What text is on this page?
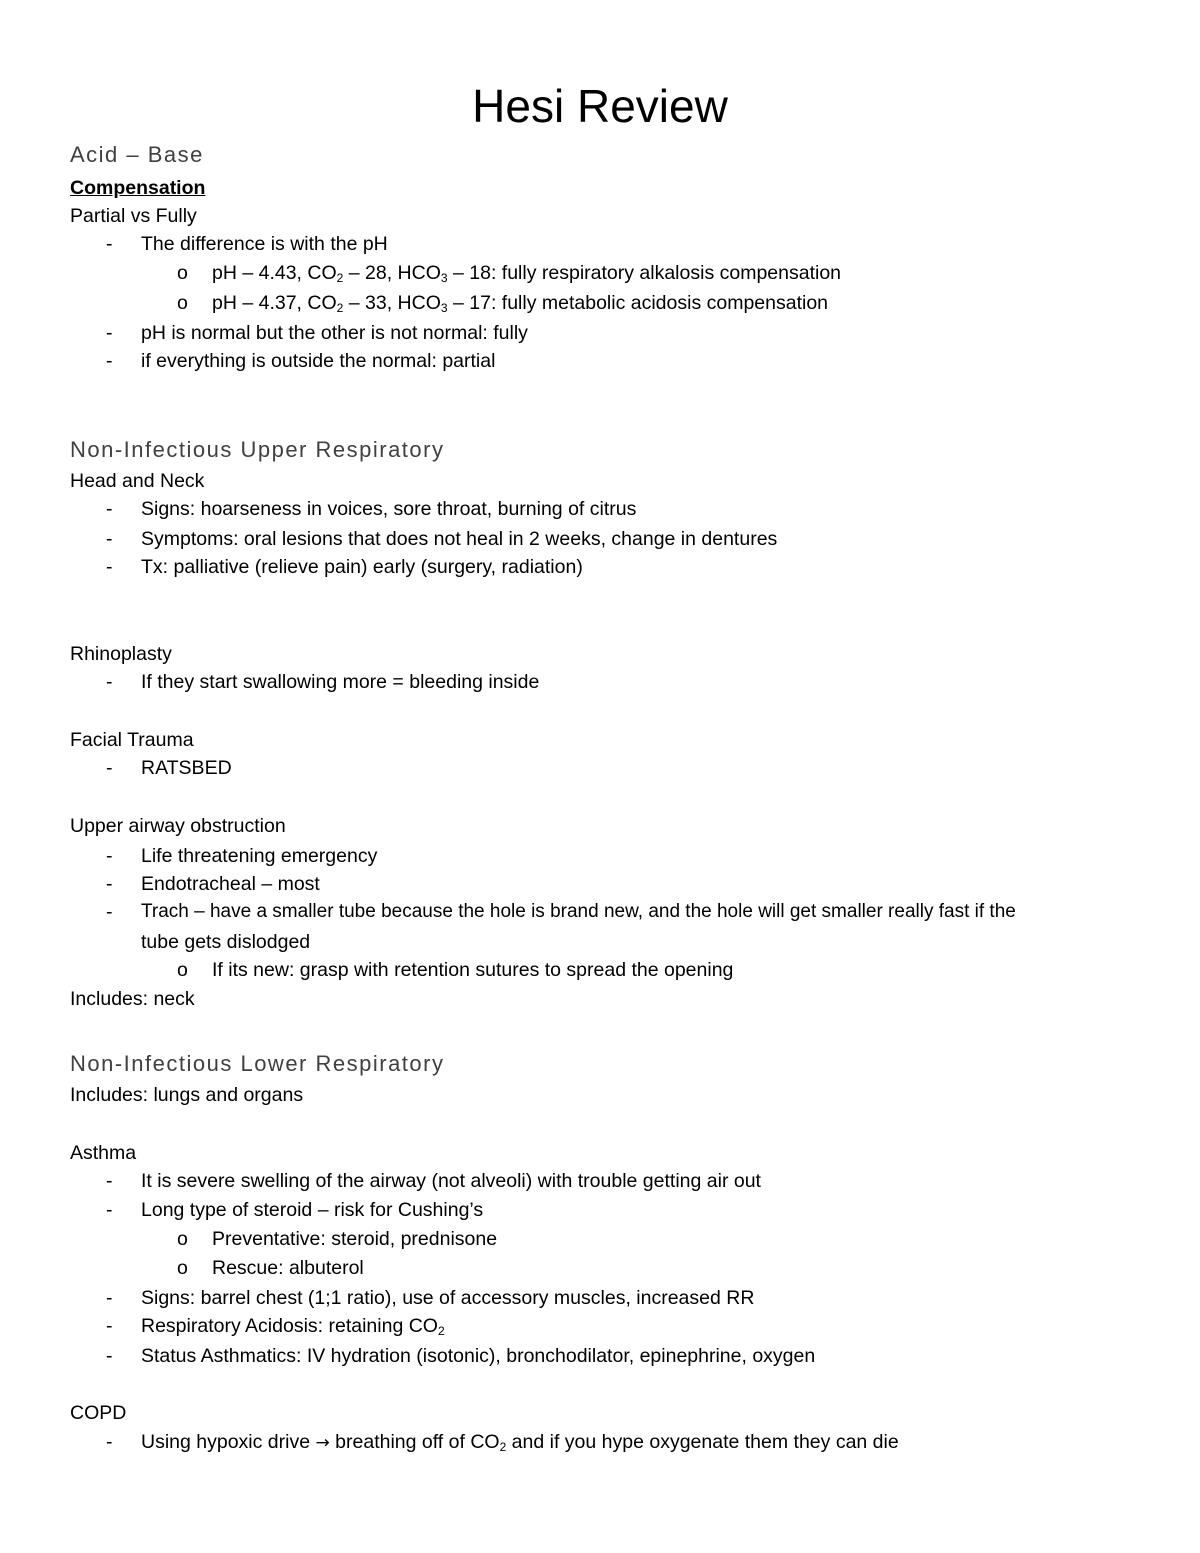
Hesi Review
Acid – Base
Compensation
Partial vs Fully
- The difference is with the pH
o pH – 4.43, $CO_2 - 28$, $HCO_3 - 18$: fully respiratory alkalosis compensation
o pH – 4.37, $CO_2 - 33$, $HCO_3 - 17$: fully metabolic acidosis compensation
- pH is normal but the other is not normal: fully
- if everything is outside the normal: partial
Non-Infectious Upper Respiratory
Head and Neck
- Signs: hoarseness in voices, sore throat, burning of citrus
- Symptoms: oral lesions that does not heal in 2 weeks, change in dentures
- Tx: palliative (relieve pain) early (surgery, radiation)
Rhinoplasty
- If they start swallowing more = bleeding inside
Facial Trauma
- RATSBED
Upper airway obstruction
- Life threatening emergency
- Endotracheal – most
- Trach – have a smaller tube because the hole is brand new, and the hole will get smaller really fast if the
tube gets dislodged
o If its new: grasp with retention sutures to spread the opening
Includes: neck
Non-Infectious Lower Respiratory
Includes: lungs and organs
Asthma
- It is severe swelling of the airway (not alveoli) with trouble getting air out
- Long type of steroid – risk for Cushing’s
o Preventative: steroid, prednisone
o Rescue: albuterol
- Signs: barrel chest (1;1 ratio), use of accessory muscles, increased RR
- Respiratory Acidosis: retaining $CO_2$
- Status Asthmatics: IV hydration (isotonic), bronchodilator, epinephrine, oxygen
COPD
- Using hypoxic drive → breathing off of $CO_2$ and if you hype oxygenate them they can die
